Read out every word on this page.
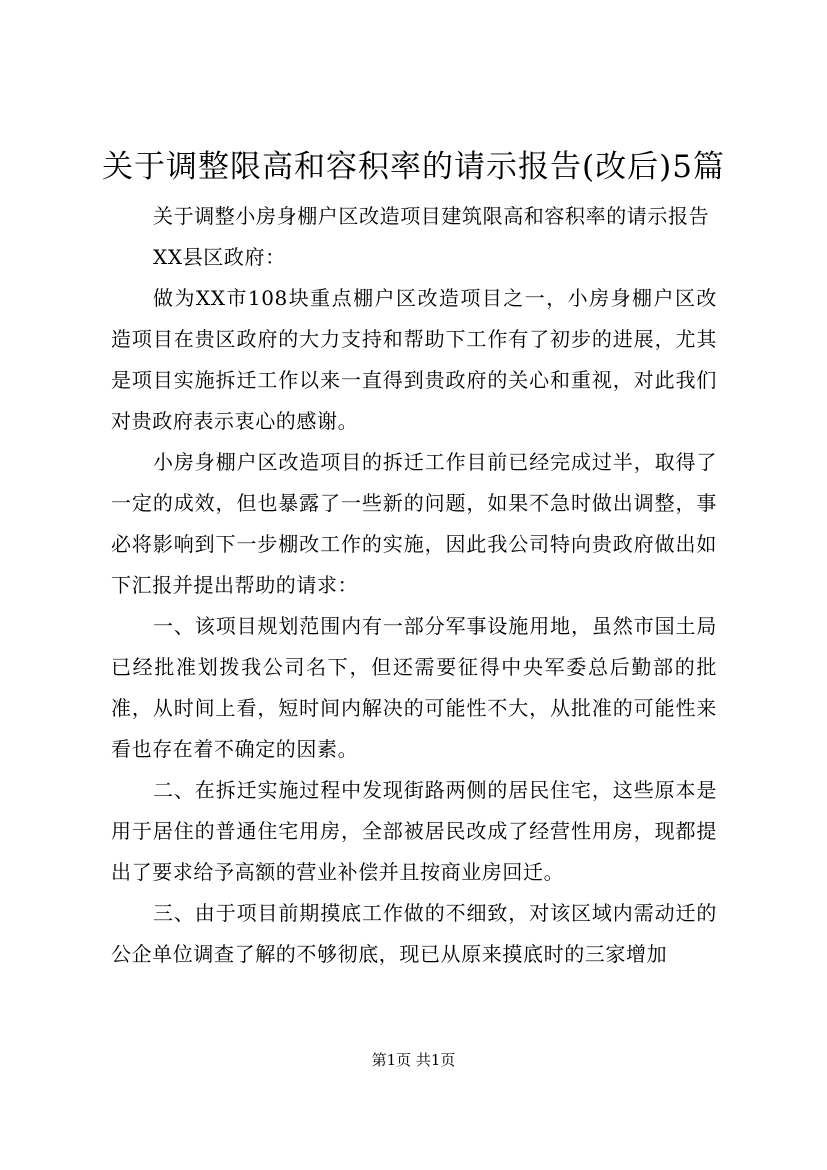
关于调整限高和容积率的请示报告(改后)5篇

关于调整小房身棚户区改造项目建筑限高和容积率的请示报告

XX县区政府：

做为XX市108块重点棚户区改造项目之一，小房身棚户区改造项目在贵区政府的大力支持和帮助下工作有了初步的进展，尤其是项目实施拆迁工作以来一直得到贵政府的关心和重视，对此我们对贵政府表示衷心的感谢。

小房身棚户区改造项目的拆迁工作目前已经完成过半，取得了一定的成效，但也暴露了一些新的问题，如果不急时做出调整，事必将影响到下一步棚改工作的实施，因此我公司特向贵政府做出如下汇报并提出帮助的请求：

一、该项目规划范围内有一部分军事设施用地，虽然市国土局已经批准划拨我公司名下，但还需要征得中央军委总后勤部的批准，从时间上看，短时间内解决的可能性不大，从批准的可能性来看也存在着不确定的因素。

二、在拆迁实施过程中发现街路两侧的居民住宅，这些原本是用于居住的普通住宅用房，全部被居民改成了经营性用房，现都提出了要求给予高额的营业补偿并且按商业房回迁。

三、由于项目前期摸底工作做的不细致，对该区域内需动迁的公企单位调查了解的不够彻底，现已从原来摸底时的三家增加

第1页 共1页
